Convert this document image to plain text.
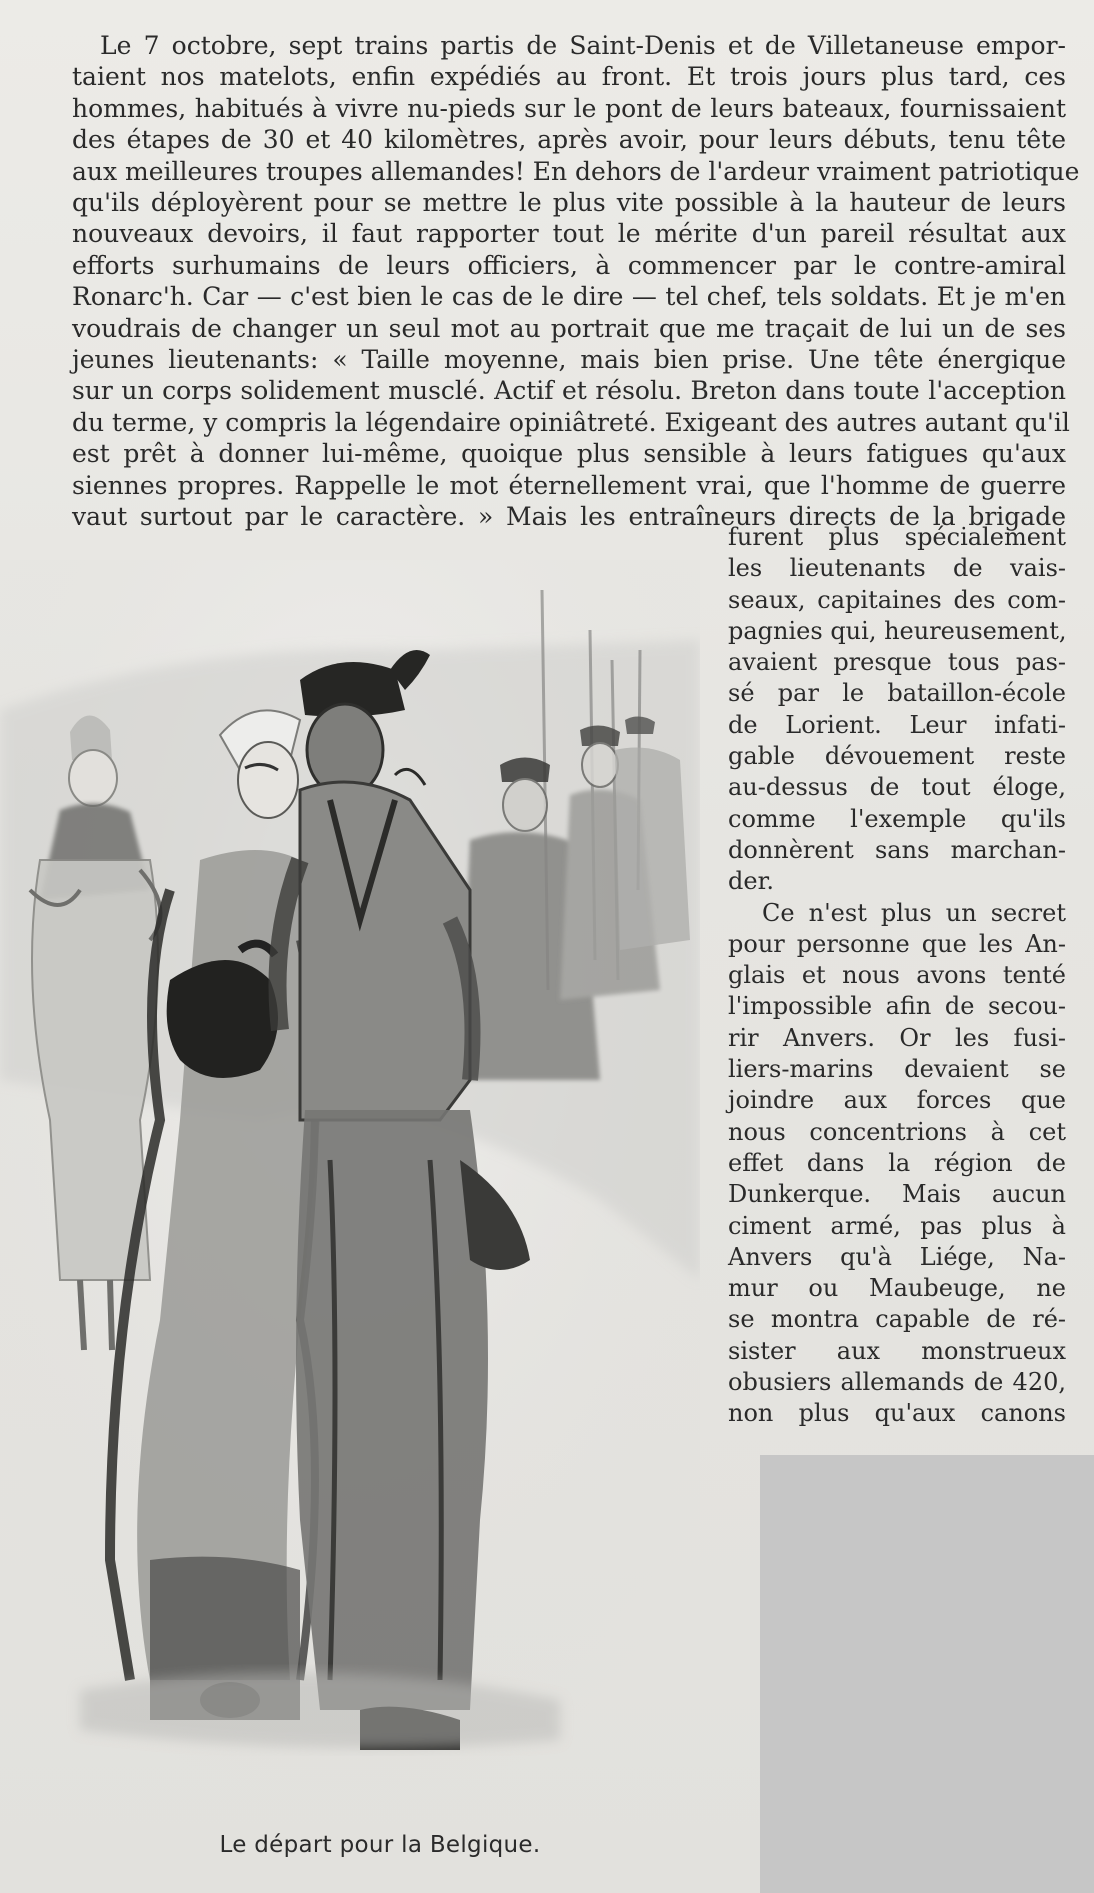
Le 7 octobre, sept trains partis de Saint-Denis et de Villetaneuse empor-
taient nos matelots, enfin expédiés au front. Et trois jours plus tard, ces
hommes, habitués à vivre nu-pieds sur le pont de leurs bateaux, fournissaient
des étapes de 30 et 40 kilomètres, après avoir, pour leurs débuts, tenu tête
aux meilleures troupes allemandes! En dehors de l'ardeur vraiment patriotique
qu'ils déployèrent pour se mettre le plus vite possible à la hauteur de leurs
nouveaux devoirs, il faut rapporter tout le mérite d'un pareil résultat aux
efforts surhumains de leurs officiers, à commencer par le contre-amiral
Ronarc'h. Car — c'est bien le cas de le dire — tel chef, tels soldats. Et je m'en
voudrais de changer un seul mot au portrait que me traçait de lui un de ses
jeunes lieutenants: « Taille moyenne, mais bien prise. Une tête énergique
sur un corps solidement musclé. Actif et résolu. Breton dans toute l'acception
du terme, y compris la légendaire opiniâtreté. Exigeant des autres autant qu'il
est prêt à donner lui-même, quoique plus sensible à leurs fatigues qu'aux
siennes propres. Rappelle le mot éternellement vrai, que l'homme de guerre
vaut surtout par le caractère. » Mais les entraîneurs directs de la brigade
furent plus spécialement
les lieutenants de vais-
seaux, capitaines des com-
pagnies qui, heureusement,
avaient presque tous pas-
sé par le bataillon-école
de Lorient. Leur infati-
gable dévouement reste
au-dessus de tout éloge,
comme l'exemple qu'ils
donnèrent sans marchan-
der.
Ce n'est plus un secret
pour personne que les An-
glais et nous avons tenté
l'impossible afin de secou-
rir Anvers. Or les fusi-
liers-marins devaient se
joindre aux forces que
nous concentrions à cet
effet dans la région de
Dunkerque. Mais aucun
ciment armé, pas plus à
Anvers qu'à Liége, Na-
mur ou Maubeuge, ne
se montra capable de ré-
sister aux monstrueux
obusiers allemands de 420,
non plus qu'aux canons
Le départ pour la Belgique.
